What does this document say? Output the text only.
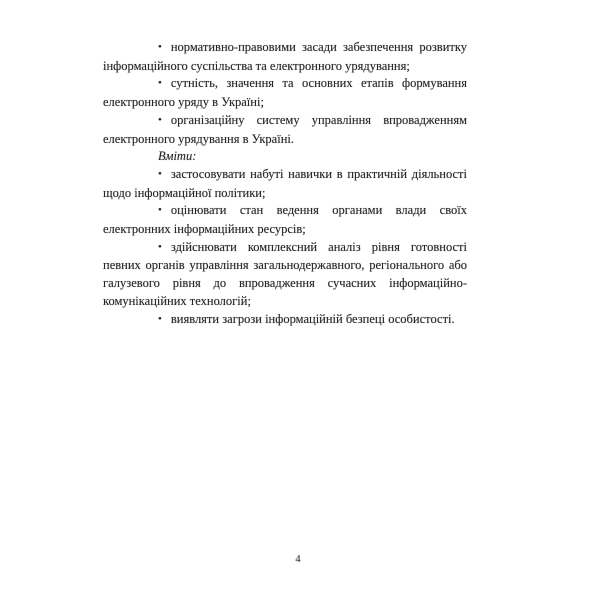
• нормативно-правовими засади забезпечення розвитку інформаційного суспільства та електронного урядування;

• сутність, значення та основних етапів формування електронного уряду в Україні;

• організаційну систему управління впровадженням електронного урядування в Україні.

Вміти:

• застосовувати набуті навички в практичній діяльності щодо інформаційної політики;

• оцінювати стан ведення органами влади своїх електронних інформаційних ресурсів;

• здійснювати комплексний аналіз рівня готовності певних органів управління загальнодержавного, регіонального або галузевого рівня до впровадження сучасних інформаційно-комунікаційних технологій;

• виявляти загрози інформаційній безпеці особистості.

4
